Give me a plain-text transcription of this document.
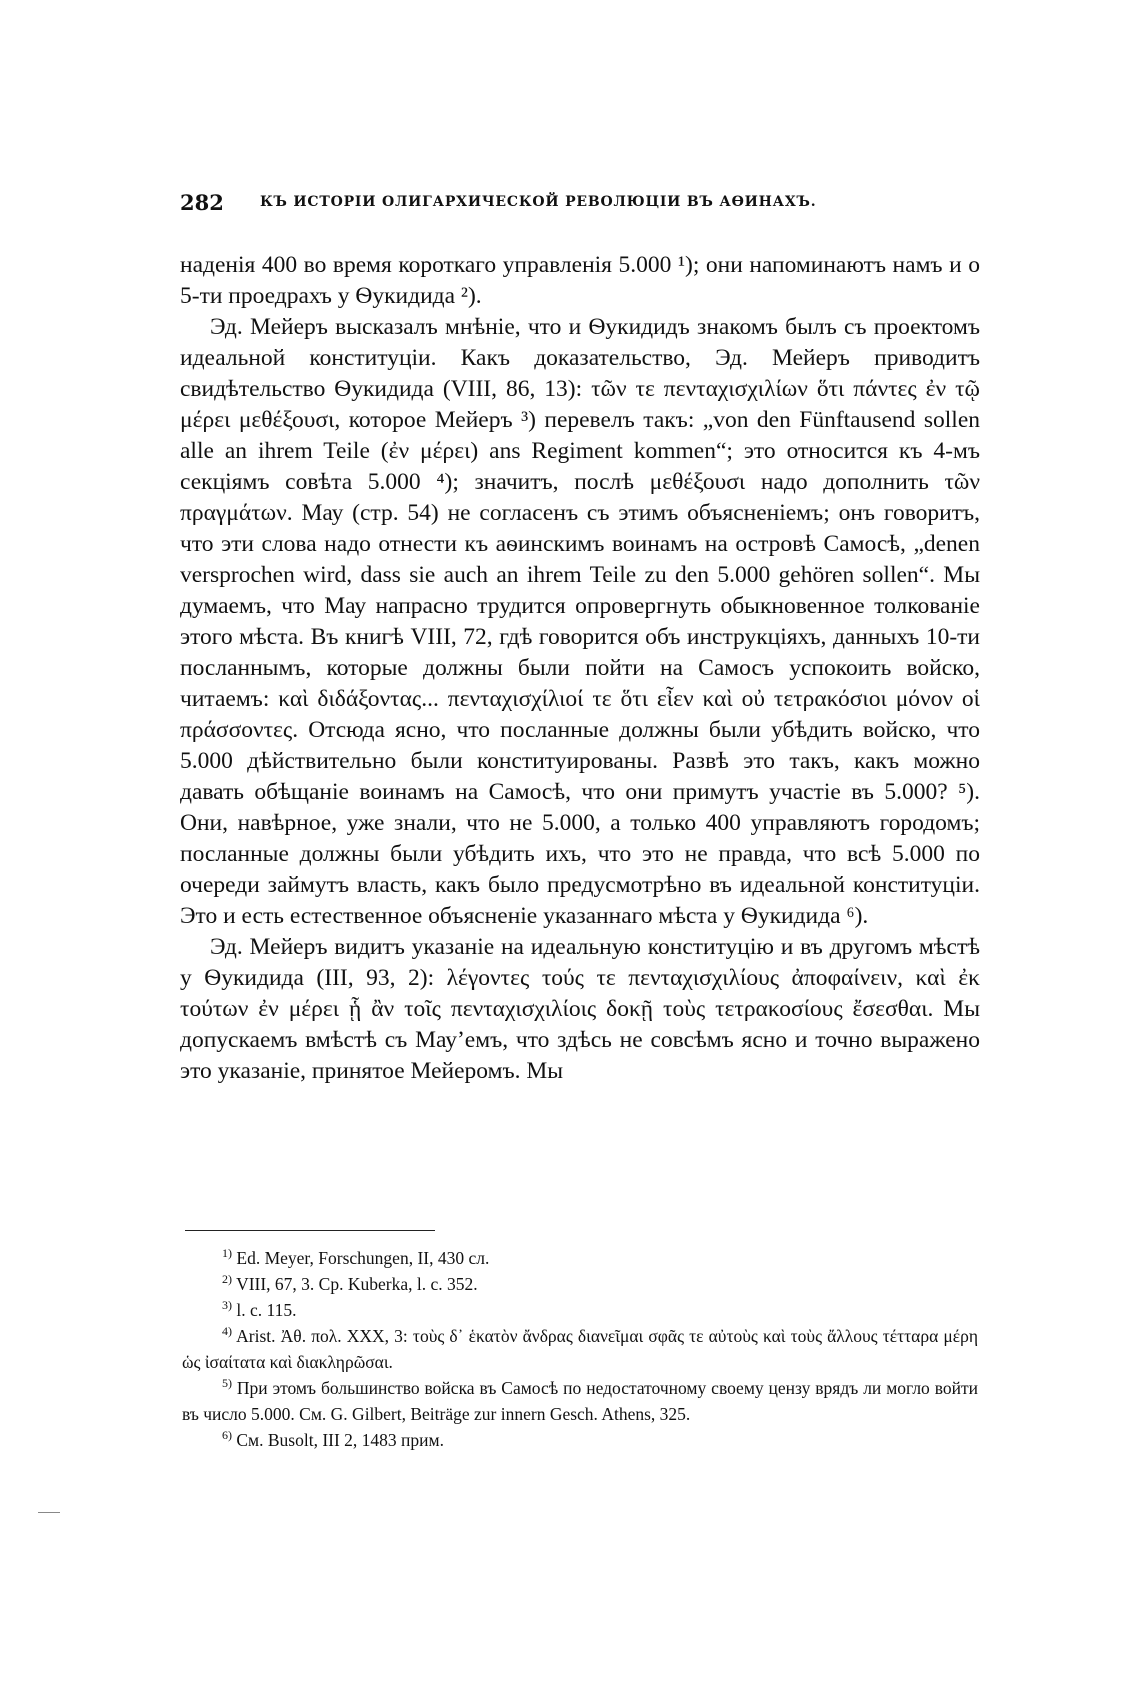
282	КЪ ИСТОРІИ ОЛИГАРХИЧЕСКОЙ РЕВОЛЮЦІИ ВЪ АѲИНАХЪ.

наденія 400 во время короткаго управленія 5.000 ¹); они напоминаютъ намъ и о 5-ти проедрахъ у Ѳукидида ²).

Эд. Мейеръ высказалъ мнѣніе, что и Ѳукидидъ знакомъ былъ съ проектомъ идеальной конституціи. Какъ доказательство, Эд. Мейеръ приводитъ свидѣтельство Ѳукидида (VIII, 86, 13): τῶν τε πενταχισχιλίων ὅτι πάντες ἐν τῷ μέρει μεθέξουσι, которое Мейеръ ³) перевелъ такъ: „von den Fünftausend sollen alle an ihrem Teile (ἐν μέρει) ans Regiment kommen“; это относится къ 4-мъ секціямъ совѣта 5.000 ⁴); значитъ, послѣ μεθέξουσι надо дополнить τῶν πραγμάτων. Мау (стр. 54) не согласенъ съ этимъ объясненіемъ; онъ говоритъ, что эти слова надо отнести къ аѳинскимъ воинамъ на островѣ Самосѣ, „denen versprochen wird, dass sie auch an ihrem Teile zu den 5.000 gehören sollen“. Мы думаемъ, что Мау напрасно трудится опровергнуть обыкновенное толкованіе этого мѣста. Въ книгѣ VIII, 72, гдѣ говорится объ инструкціяхъ, данныхъ 10-ти посланнымъ, которые должны были пойти на Самосъ успокоить войско, читаемъ: καὶ διδάξοντας... πενταχισχίλιοί τε ὅτι εἶεν καὶ οὐ τετρακόσιοι μόνον οἱ πράσσοντες. Отсюда ясно, что посланные должны были убѣдить войско, что 5.000 дѣйствительно были конституированы. Развѣ это такъ, какъ можно давать обѣщаніе воинамъ на Самосѣ, что они примутъ участіе въ 5.000? ⁵). Они, навѣрное, уже знали, что не 5.000, а только 400 управляютъ городомъ; посланные должны были убѣдить ихъ, что это не правда, что всѣ 5.000 по очереди займутъ власть, какъ было предусмотрѣно въ идеальной конституціи. Это и есть естественное объясненіе указаннаго мѣста у Ѳукидида ⁶).

Эд. Мейеръ видитъ указаніе на идеальную конституцію и въ другомъ мѣстѣ у Ѳукидида (III, 93, 2): λέγοντες τούς τε πενταχισχιλίους ἀποφαίνειν, καὶ ἐκ τούτων ἐν μέρει ᾗ ἂν τοῖς πενταχισχιλίοις δοκῇ τοὺς τετρακοσίους ἔσεσθαι. Мы допускаемъ вмѣстѣ съ Мау’емъ, что здѣсь не совсѣмъ ясно и точно выражено это указаніе, принятое Мейеромъ. Мы

$^{1)}$ Ed. Meyer, Forschungen, II, 430 сл.

$^{2)}$ VIII, 67, 3. Ср. Kuberka, l. c. 352.

$^{3)}$ l. c. 115.

$^{4)}$ Arist. Ἀθ. πολ. XXX, 3: τοὺς δ᾽ ἑκατὸν ἄνδρας διανεῖμαι σφᾶς τε αὐτοὺς καὶ τοὺς ἄλλους τέτταρα μέρη ὡς ἰσαίτατα καὶ διακληρῶσαι.

$^{5)}$ При этомъ большинство войска въ Самосѣ по недостаточному своему цензу врядъ ли могло войти въ число 5.000. См. G. Gilbert, Beiträge zur innern Gesch. Athens, 325.

$^{6)}$ См. Busolt, III 2, 1483 прим.
